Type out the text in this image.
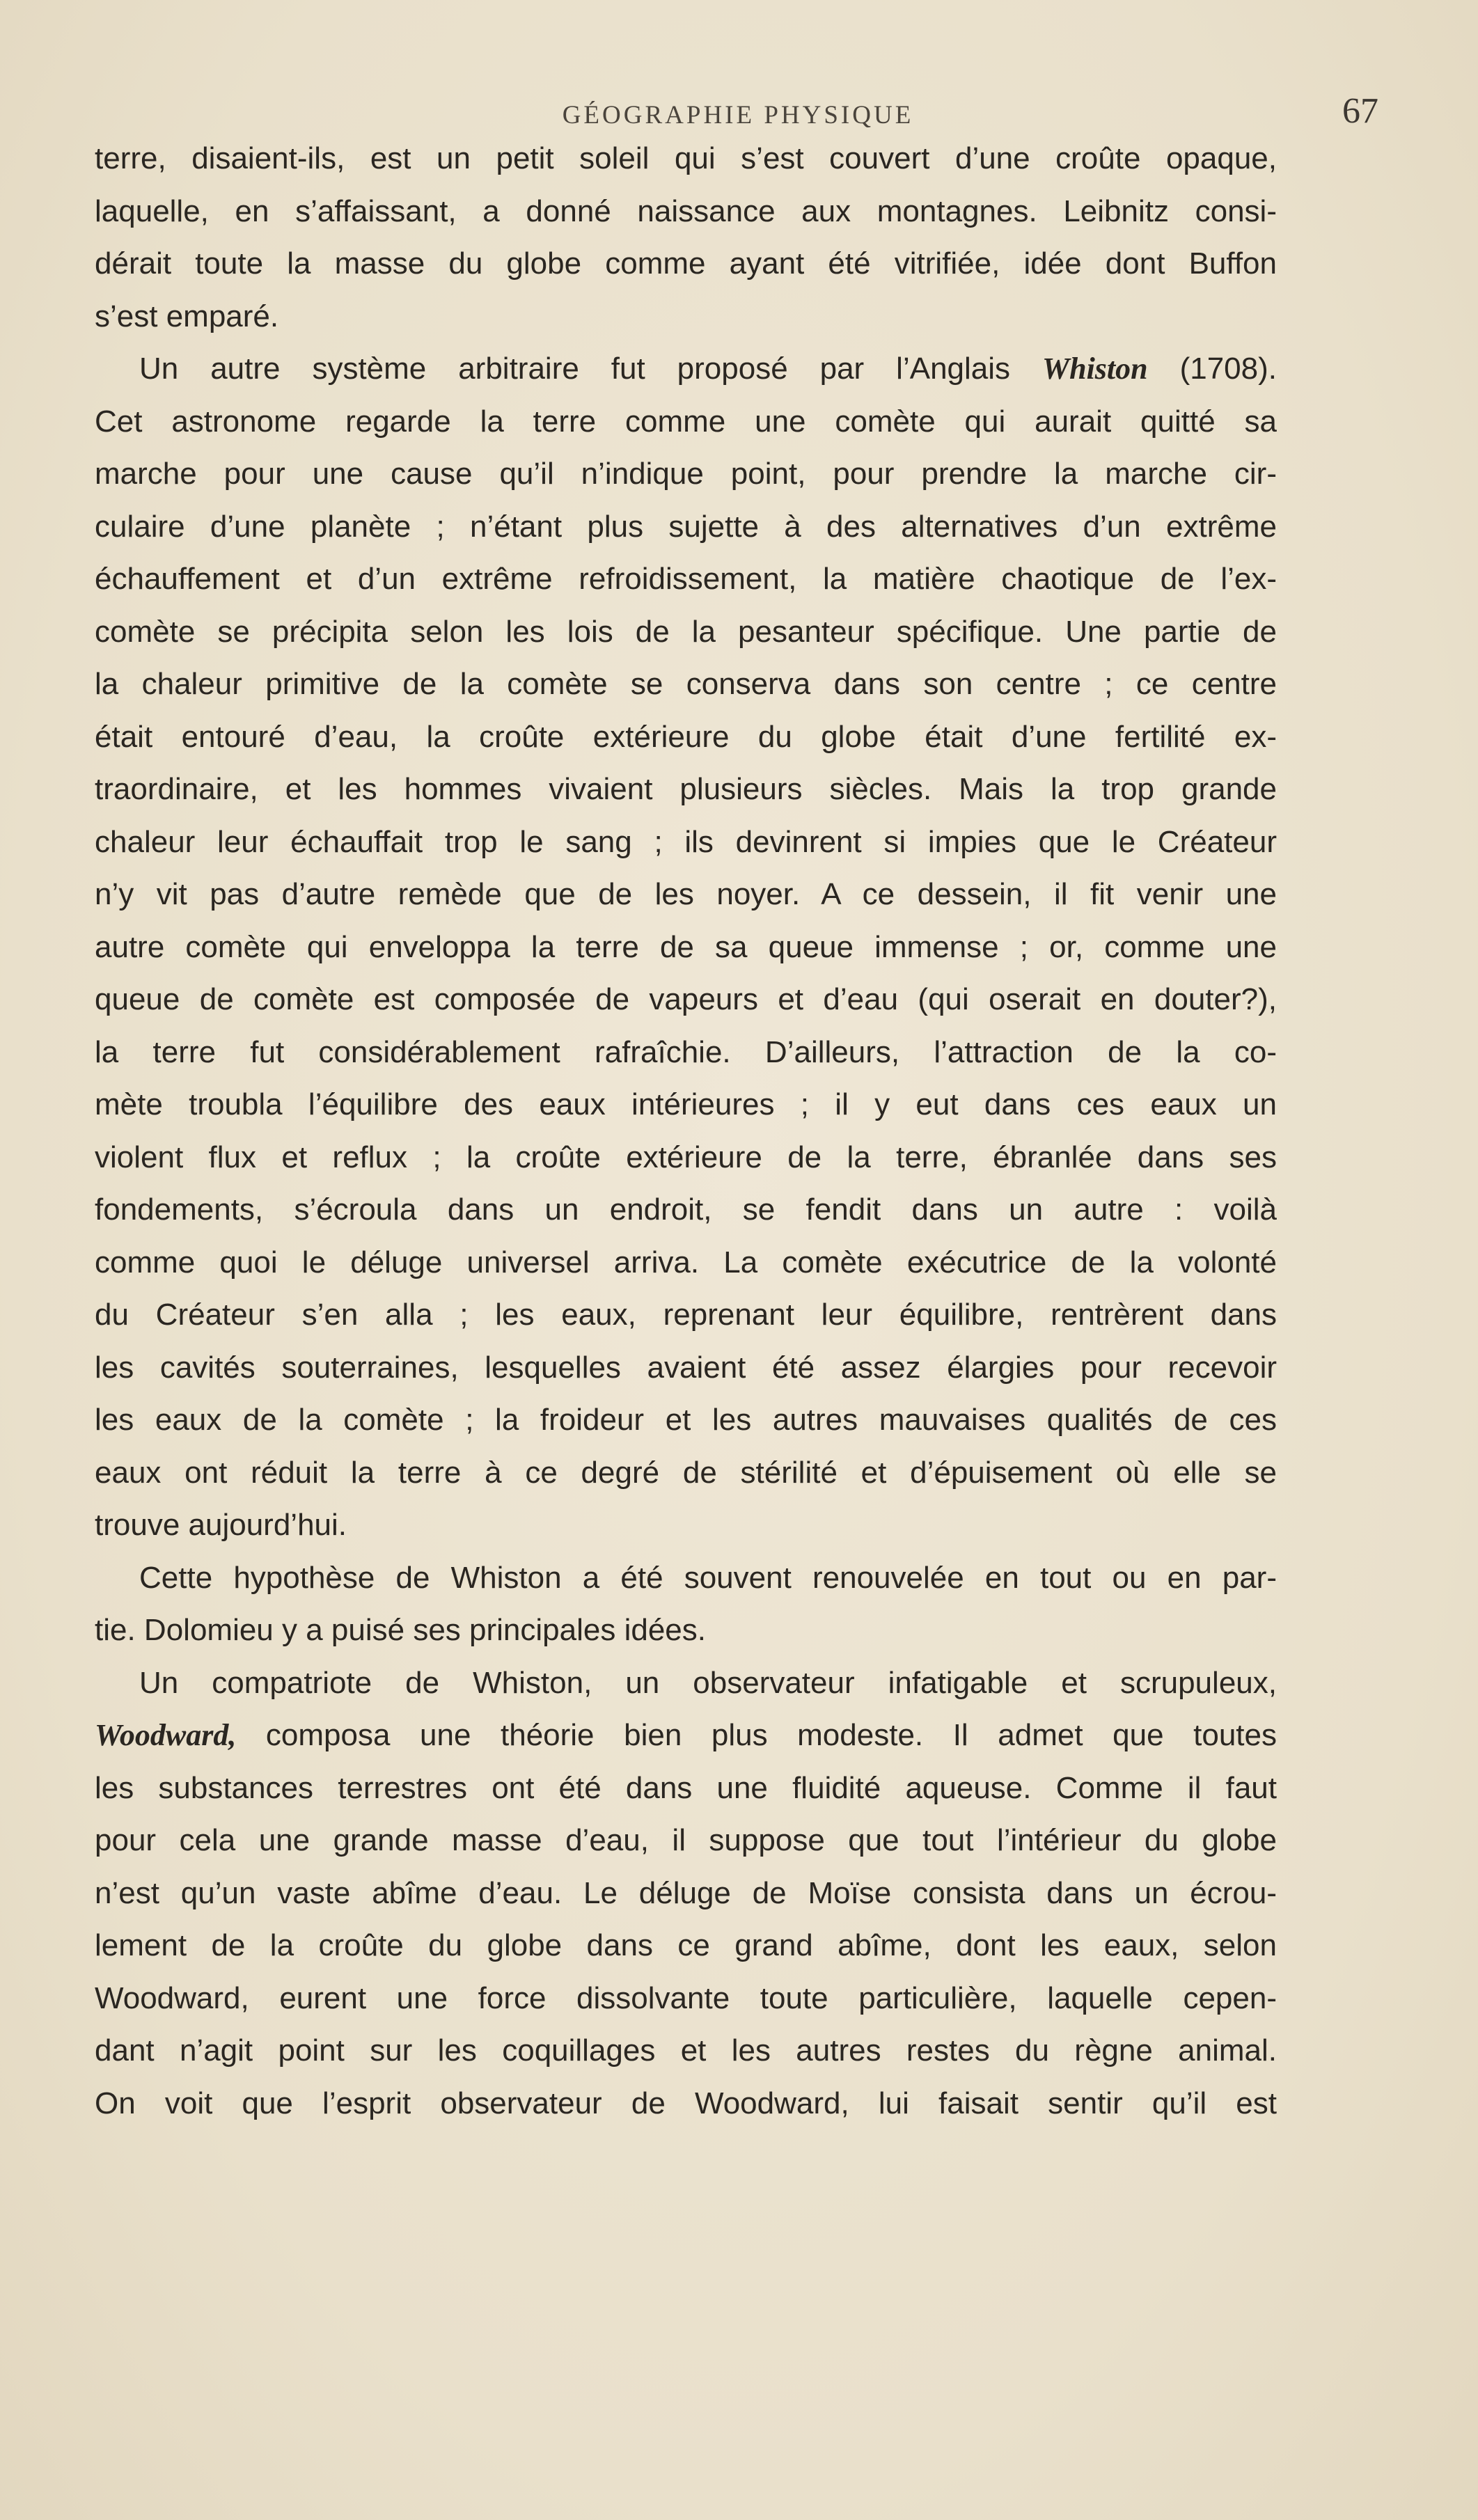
GÉOGRAPHIE PHYSIQUE	67
terre, disaient-ils, est un petit soleil qui s’est couvert d’une croûte opaque,
laquelle, en s’affaissant, a donné naissance aux montagnes. Leibnitz consi-
dérait toute la masse du globe comme ayant été vitrifiée, idée dont Buffon
s’est emparé.
Un autre système arbitraire fut proposé par l’Anglais Whiston (1708).
Cet astronome regarde la terre comme une comète qui aurait quitté sa
marche pour une cause qu’il n’indique point, pour prendre la marche cir-
culaire d’une planète ; n’étant plus sujette à des alternatives d’un extrême
échauffement et d’un extrême refroidissement, la matière chaotique de l’ex-
comète se précipita selon les lois de la pesanteur spécifique. Une partie de
la chaleur primitive de la comète se conserva dans son centre ; ce centre
était entouré d’eau, la croûte extérieure du globe était d’une fertilité ex-
traordinaire, et les hommes vivaient plusieurs siècles. Mais la trop grande
chaleur leur échauffait trop le sang ; ils devinrent si impies que le Créateur
n’y vit pas d’autre remède que de les noyer. A ce dessein, il fit venir une
autre comète qui enveloppa la terre de sa queue immense ; or, comme une
queue de comète est composée de vapeurs et d’eau (qui oserait en douter?),
la terre fut considérablement rafraîchie. D’ailleurs, l’attraction de la co-
mète troubla l’équilibre des eaux intérieures ; il y eut dans ces eaux un
violent flux et reflux ; la croûte extérieure de la terre, ébranlée dans ses
fondements, s’écroula dans un endroit, se fendit dans un autre : voilà
comme quoi le déluge universel arriva. La comète exécutrice de la volonté
du Créateur s’en alla ; les eaux, reprenant leur équilibre, rentrèrent dans
les cavités souterraines, lesquelles avaient été assez élargies pour recevoir
les eaux de la comète ; la froideur et les autres mauvaises qualités de ces
eaux ont réduit la terre à ce degré de stérilité et d’épuisement où elle se
trouve aujourd’hui.
Cette hypothèse de Whiston a été souvent renouvelée en tout ou en par-
tie. Dolomieu y a puisé ses principales idées.
Un compatriote de Whiston, un observateur infatigable et scrupuleux,
Woodward, composa une théorie bien plus modeste. Il admet que toutes
les substances terrestres ont été dans une fluidité aqueuse. Comme il faut
pour cela une grande masse d’eau, il suppose que tout l’intérieur du globe
n’est qu’un vaste abîme d’eau. Le déluge de Moïse consista dans un écrou-
lement de la croûte du globe dans ce grand abîme, dont les eaux, selon
Woodward, eurent une force dissolvante toute particulière, laquelle cepen-
dant n’agit point sur les coquillages et les autres restes du règne animal.
On voit que l’esprit observateur de Woodward, lui faisait sentir qu’il est
